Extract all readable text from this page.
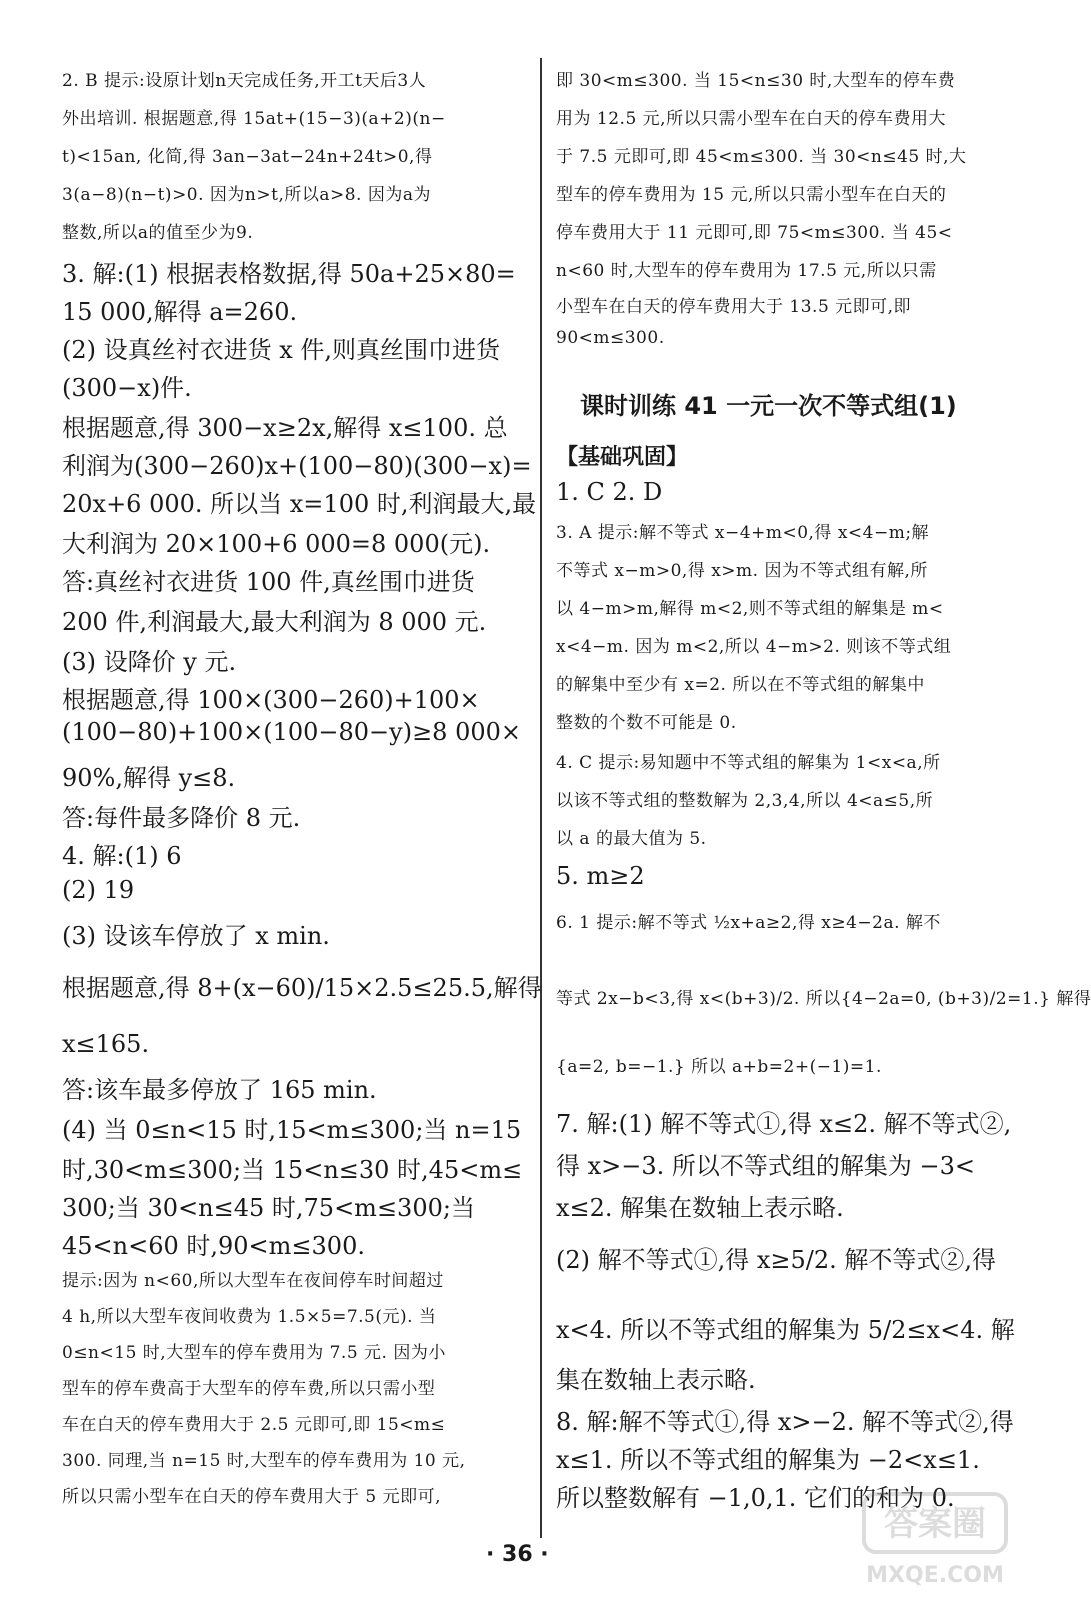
2. B 提示:设原计划n天完成任务,开工t天后3人
外出培训. 根据题意,得 15at+(15−3)(a+2)(n−
t)<15an, 化简,得 3an−3at−24n+24t>0,得
3(a−8)(n−t)>0. 因为n>t,所以a>8. 因为a为
整数,所以a的值至少为9.
3. 解:(1) 根据表格数据,得 50a+25×80=
15 000,解得 a=260.
(2) 设真丝衬衣进货 x 件,则真丝围巾进货
(300−x)件.
根据题意,得 300−x≥2x,解得 x≤100. 总
利润为(300−260)x+(100−80)(300−x)=
20x+6 000. 所以当 x=100 时,利润最大,最
大利润为 20×100+6 000=8 000(元).
答:真丝衬衣进货 100 件,真丝围巾进货
200 件,利润最大,最大利润为 8 000 元.
(3) 设降价 y 元.
根据题意,得 100×(300−260)+100×
(100−80)+100×(100−80−y)≥8 000×
90%,解得 y≤8.
答:每件最多降价 8 元.
4. 解:(1) 6
(2) 19
(3) 设该车停放了 x min.
根据题意,得 8+(x−60)/15×2.5≤25.5,解得
x≤165.
答:该车最多停放了 165 min.
(4) 当 0≤n<15 时,15<m≤300;当 n=15
时,30<m≤300;当 15<n≤30 时,45<m≤
300;当 30<n≤45 时,75<m≤300;当
45<n<60 时,90<m≤300.
提示:因为 n<60,所以大型车在夜间停车时间超过
4 h,所以大型车夜间收费为 1.5×5=7.5(元). 当
0≤n<15 时,大型车的停车费用为 7.5 元. 因为小
型车的停车费高于大型车的停车费,所以只需小型
车在白天的停车费用大于 2.5 元即可,即 15<m≤
300. 同理,当 n=15 时,大型车的停车费用为 10 元,
所以只需小型车在白天的停车费用大于 5 元即可,
即 30<m≤300. 当 15<n≤30 时,大型车的停车费
用为 12.5 元,所以只需小型车在白天的停车费用大
于 7.5 元即可,即 45<m≤300. 当 30<n≤45 时,大
型车的停车费用为 15 元,所以只需小型车在白天的
停车费用大于 11 元即可,即 75<m≤300. 当 45<
n<60 时,大型车的停车费用为 17.5 元,所以只需
小型车在白天的停车费用大于 13.5 元即可,即
90<m≤300.
课时训练 41 一元一次不等式组(1)
【基础巩固】
1. C 2. D
3. A 提示:解不等式 x−4+m<0,得 x<4−m;解
不等式 x−m>0,得 x>m. 因为不等式组有解,所
以 4−m>m,解得 m<2,则不等式组的解集是 m<
x<4−m. 因为 m<2,所以 4−m>2. 则该不等式组
的解集中至少有 x=2. 所以在不等式组的解集中
整数的个数不可能是 0.
4. C 提示:易知题中不等式组的解集为 1<x<a,所
以该不等式组的整数解为 2,3,4,所以 4<a≤5,所
以 a 的最大值为 5.
5. m≥2
6. 1 提示:解不等式 ½x+a≥2,得 x≥4−2a. 解不
等式 2x−b<3,得 x<(b+3)/2. 所以{4−2a=0, (b+3)/2=1.} 解得
{a=2, b=−1.} 所以 a+b=2+(−1)=1.
7. 解:(1) 解不等式①,得 x≤2. 解不等式②,
得 x>−3. 所以不等式组的解集为 −3<
x≤2. 解集在数轴上表示略.
(2) 解不等式①,得 x≥5/2. 解不等式②,得
x<4. 所以不等式组的解集为 5/2≤x<4. 解
集在数轴上表示略.
8. 解:解不等式①,得 x>−2. 解不等式②,得
x≤1. 所以不等式组的解集为 −2<x≤1.
所以整数解有 −1,0,1. 它们的和为 0.
· 36 ·
答案圈
MXQE.COM
